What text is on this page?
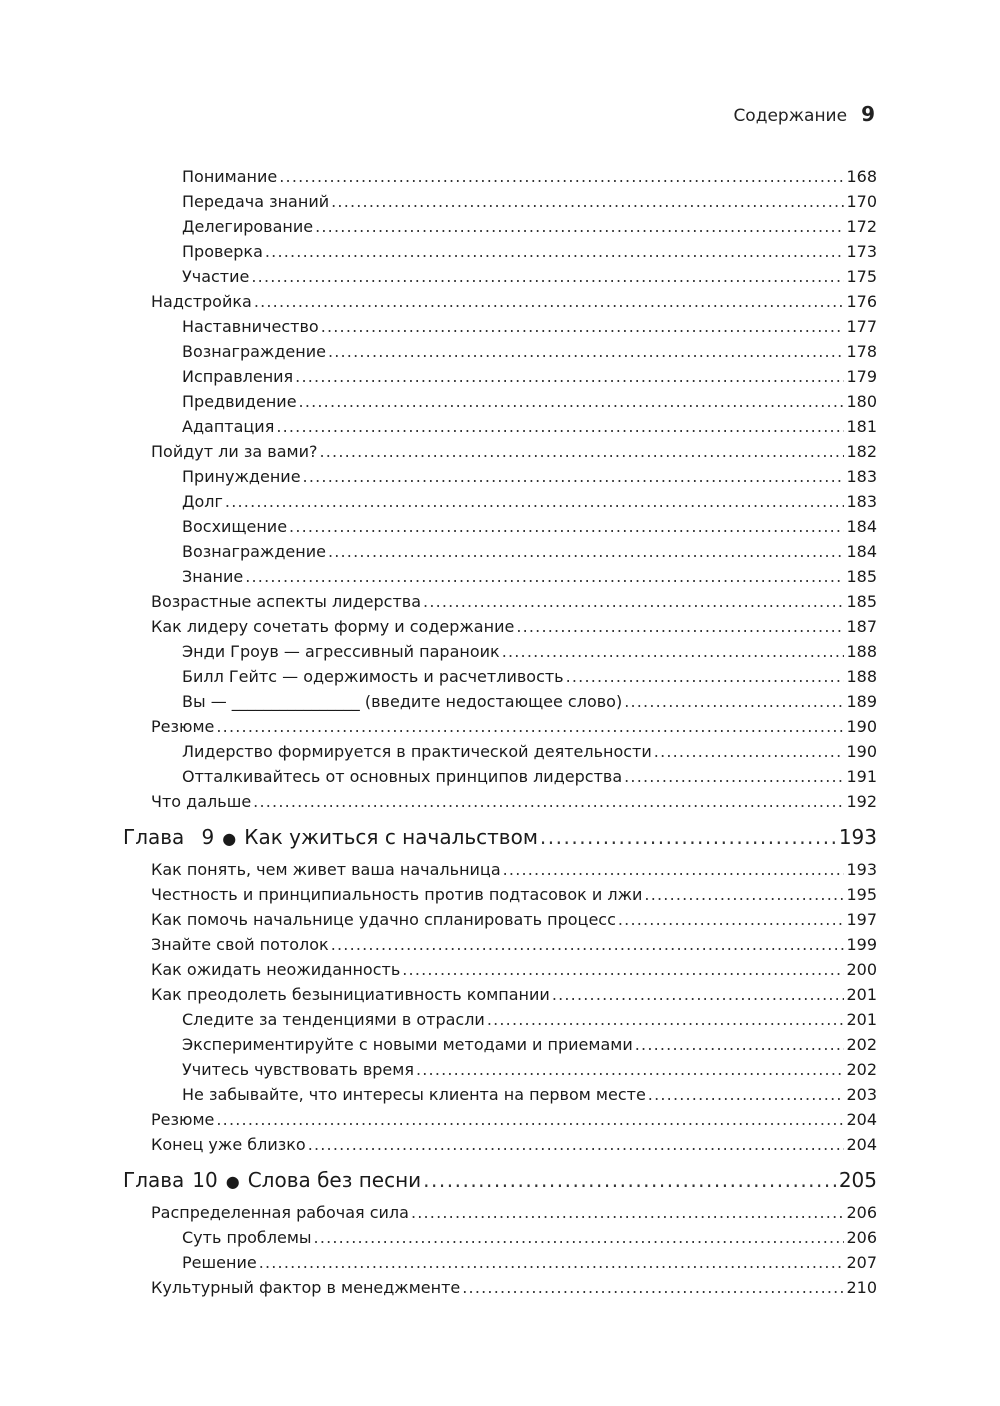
Содержание 9
Понимание .....	168
Передача знаний .....	170
Делегирование .....	172
Проверка .....	173
Участие .....	175
Надстройка .....	176
Наставничество .....	177
Вознаграждение .....	178
Исправления .....	179
Предвидение .....	180
Адаптация .....	181
Пойдут ли за вами? .....	182
Принуждение .....	183
Долг .....	183
Восхищение .....	184
Вознаграждение .....	184
Знание .....	185
Возрастные аспекты лидерства .....	185
Как лидеру сочетать форму и содержание .....	187
Энди Гроув — агрессивный параноик .....	188
Билл Гейтс — одержимость и расчетливость .....	188
Вы — ________________ (введите недостающее слово) .....	189
Резюме .....	190
Лидерство формируется в практической деятельности .....	190
Отталкивайтесь от основных принципов лидерства .....	191
Что дальше .....	192
Глава 9 ● Как ужиться с начальством .....	193
Как понять, чем живет ваша начальница .....	193
Честность и принципиальность против подтасовок и лжи .....	195
Как помочь начальнице удачно спланировать процесс .....	197
Знайте свой потолок .....	199
Как ожидать неожиданность .....	200
Как преодолеть безынициативность компании .....	201
Следите за тенденциями в отрасли .....	201
Экспериментируйте с новыми методами и приемами .....	202
Учитесь чувствовать время .....	202
Не забывайте, что интересы клиента на первом месте .....	203
Резюме .....	204
Конец уже близко .....	204
Глава 10 ● Слова без песни .....	205
Распределенная рабочая сила .....	206
Суть проблемы .....	206
Решение .....	207
Культурный фактор в менеджменте .....	210
